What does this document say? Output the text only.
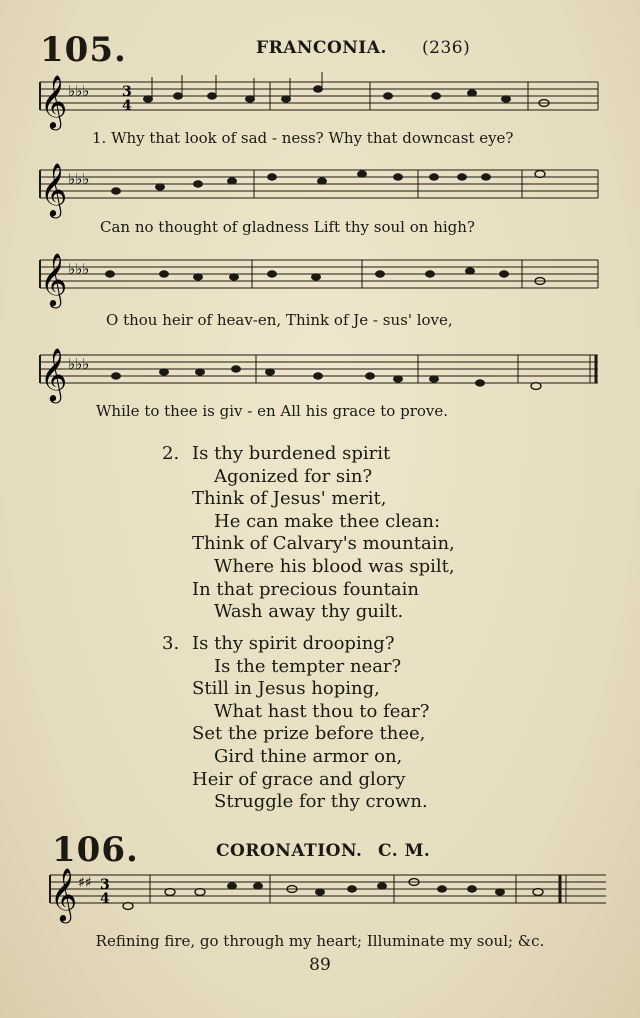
105.	FRANCONIA. (236)
𝄞 ♭♭♭ 3
4
1. Why that look of sad - ness? Why that downcast eye?
𝄞 ♭♭♭
Can no thought of gladness Lift thy soul on high?
𝄞 ♭♭♭
O thou heir of heav-en, Think of Je - sus' love,
𝄞 ♭♭♭
While to thee is giv - en All his grace to prove.
2. Is thy burdened spirit
Agonized for sin?
Think of Jesus' merit,
He can make thee clean:
Think of Calvary's mountain,
Where his blood was spilt,
In that precious fountain
Wash away thy guilt.
3. Is thy spirit drooping?
Is the tempter near?
Still in Jesus hoping,
What hast thou to fear?
Set the prize before thee,
Gird thine armor on,
Heir of grace and glory
Struggle for thy crown.
106.	CORONATION. C. M.
𝄞 ♯♯ 3
4
Refining fire, go through my heart; Illuminate my soul; &c.
89
